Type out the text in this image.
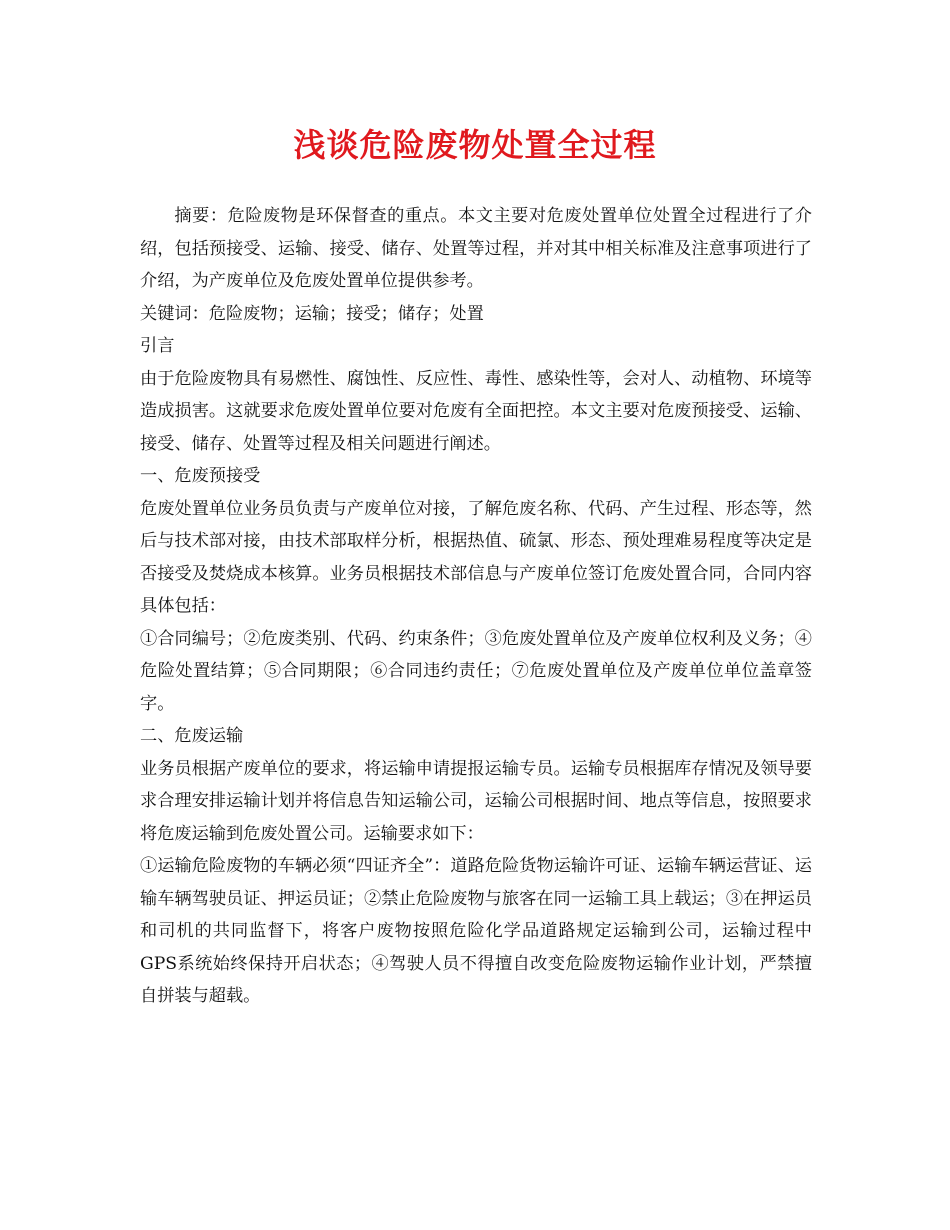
浅谈危险废物处置全过程

摘要：危险废物是环保督查的重点。本文主要对危废处置单位处置全过程进行了介绍，包括预接受、运输、接受、储存、处置等过程，并对其中相关标准及注意事项进行了介绍，为产废单位及危废处置单位提供参考。

关键词：危险废物；运输；接受；储存；处置

引言

由于危险废物具有易燃性、腐蚀性、反应性、毒性、感染性等，会对人、动植物、环境等造成损害。这就要求危废处置单位要对危废有全面把控。本文主要对危废预接受、运输、接受、储存、处置等过程及相关问题进行阐述。

一、危废预接受

危废处置单位业务员负责与产废单位对接，了解危废名称、代码、产生过程、形态等，然后与技术部对接，由技术部取样分析，根据热值、硫氯、形态、预处理难易程度等决定是否接受及焚烧成本核算。业务员根据技术部信息与产废单位签订危废处置合同，合同内容具体包括：

①合同编号；②危废类别、代码、约束条件；③危废处置单位及产废单位权利及义务；④危险处置结算；⑤合同期限；⑥合同违约责任；⑦危废处置单位及产废单位单位盖章签字。

二、危废运输

业务员根据产废单位的要求，将运输申请提报运输专员。运输专员根据库存情况及领导要求合理安排运输计划并将信息告知运输公司，运输公司根据时间、地点等信息，按照要求将危废运输到危废处置公司。运输要求如下：

①运输危险废物的车辆必须“四证齐全”：道路危险货物运输许可证、运输车辆运营证、运输车辆驾驶员证、押运员证；②禁止危险废物与旅客在同一运输工具上载运；③在押运员和司机的共同监督下，将客户废物按照危险化学品道路规定运输到公司，运输过程中GPS系统始终保持开启状态；④驾驶人员不得擅自改变危险废物运输作业计划，严禁擅自拼装与超载。
